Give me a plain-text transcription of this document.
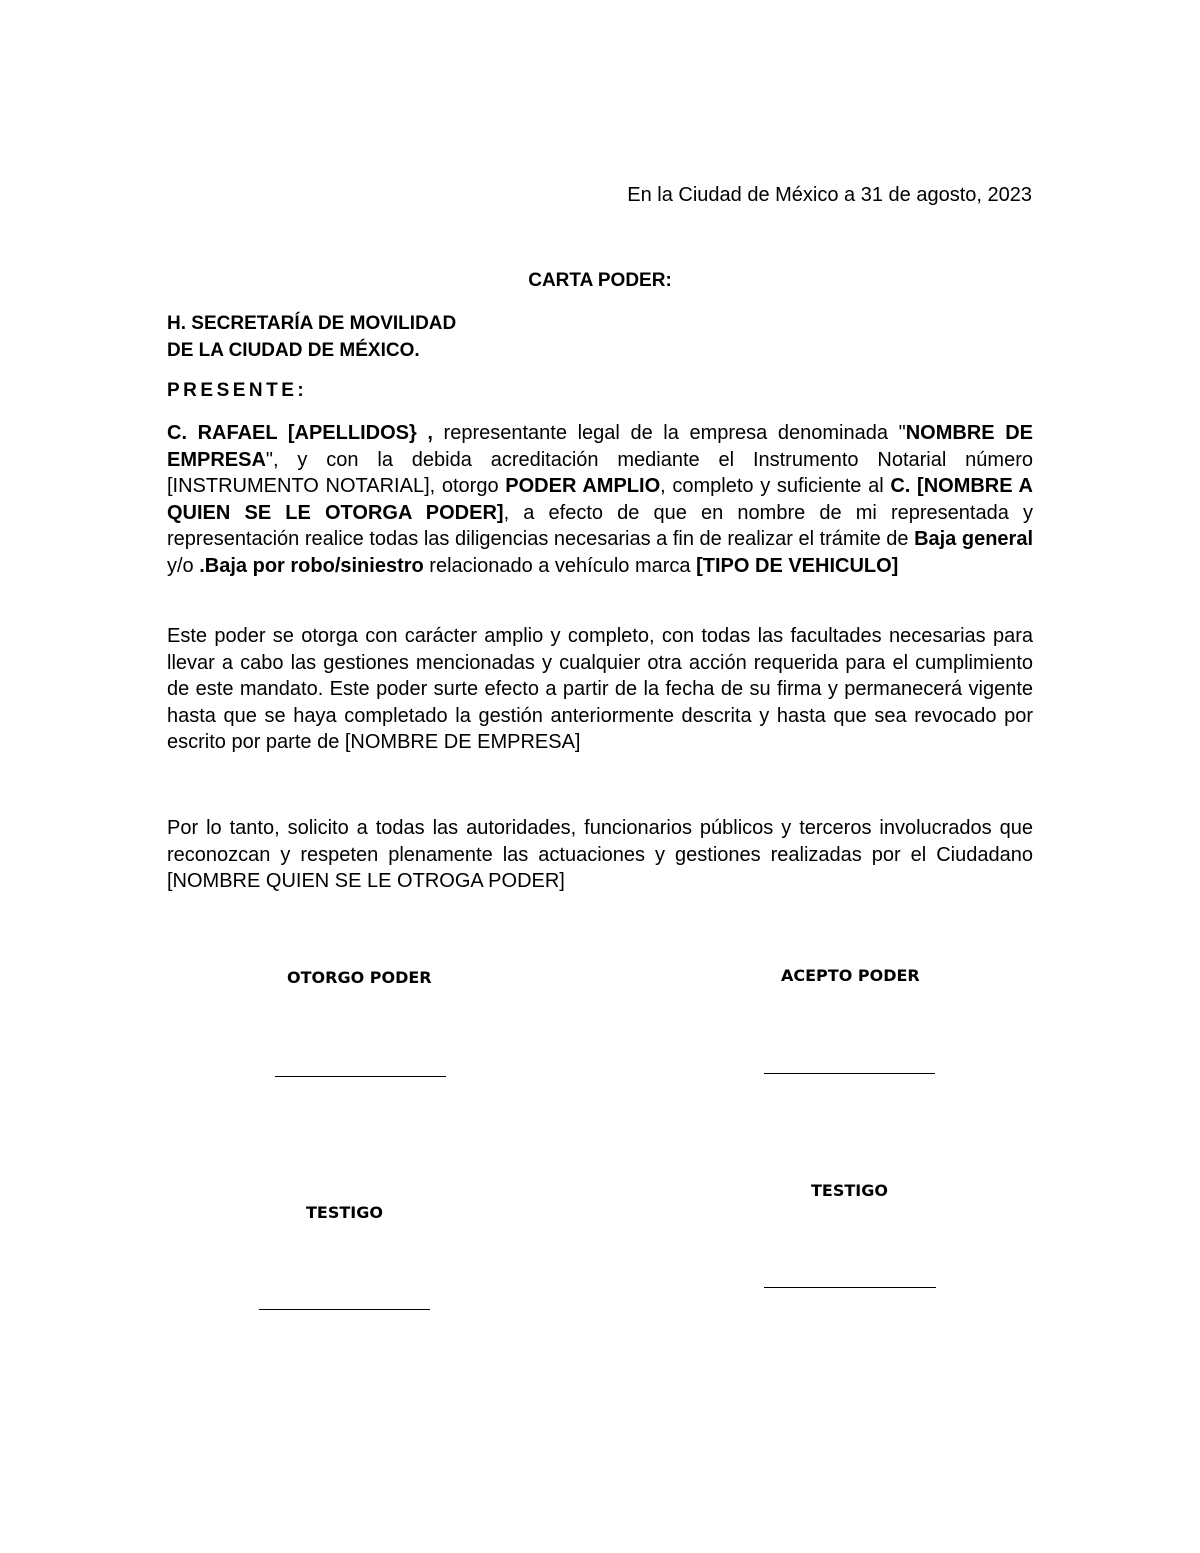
En la Ciudad de México a 31 de agosto, 2023
CARTA PODER:
H. SECRETARÍA DE MOVILIDAD
DE LA CIUDAD DE MÉXICO.
PRESENTE:

C. RAFAEL [APELLIDOS} , representante legal de la empresa denominada "NOMBRE DE EMPRESA", y con la debida acreditación mediante el Instrumento Notarial número [INSTRUMENTO NOTARIAL], otorgo PODER AMPLIO, completo y suficiente al C. [NOMBRE A QUIEN SE LE OTORGA PODER], a efecto de que en nombre de mi representada y representación realice todas las diligencias necesarias a fin de realizar el trámite de Baja general y/o .Baja por robo/siniestro relacionado a vehículo marca [TIPO DE VEHICULO]

Este poder se otorga con carácter amplio y completo, con todas las facultades necesarias para llevar a cabo las gestiones mencionadas y cualquier otra acción requerida para el cumplimiento de este mandato. Este poder surte efecto a partir de la fecha de su firma y permanecerá vigente hasta que se haya completado la gestión anteriormente descrita y hasta que sea revocado por escrito por parte de [NOMBRE DE EMPRESA]

Por lo tanto, solicito a todas las autoridades, funcionarios públicos y terceros involucrados que reconozcan y respeten plenamente las actuaciones y gestiones realizadas por el Ciudadano [NOMBRE QUIEN SE LE OTROGA PODER]

OTORGO PODER	ACEPTO PODER
TESTIGO
TESTIGO
